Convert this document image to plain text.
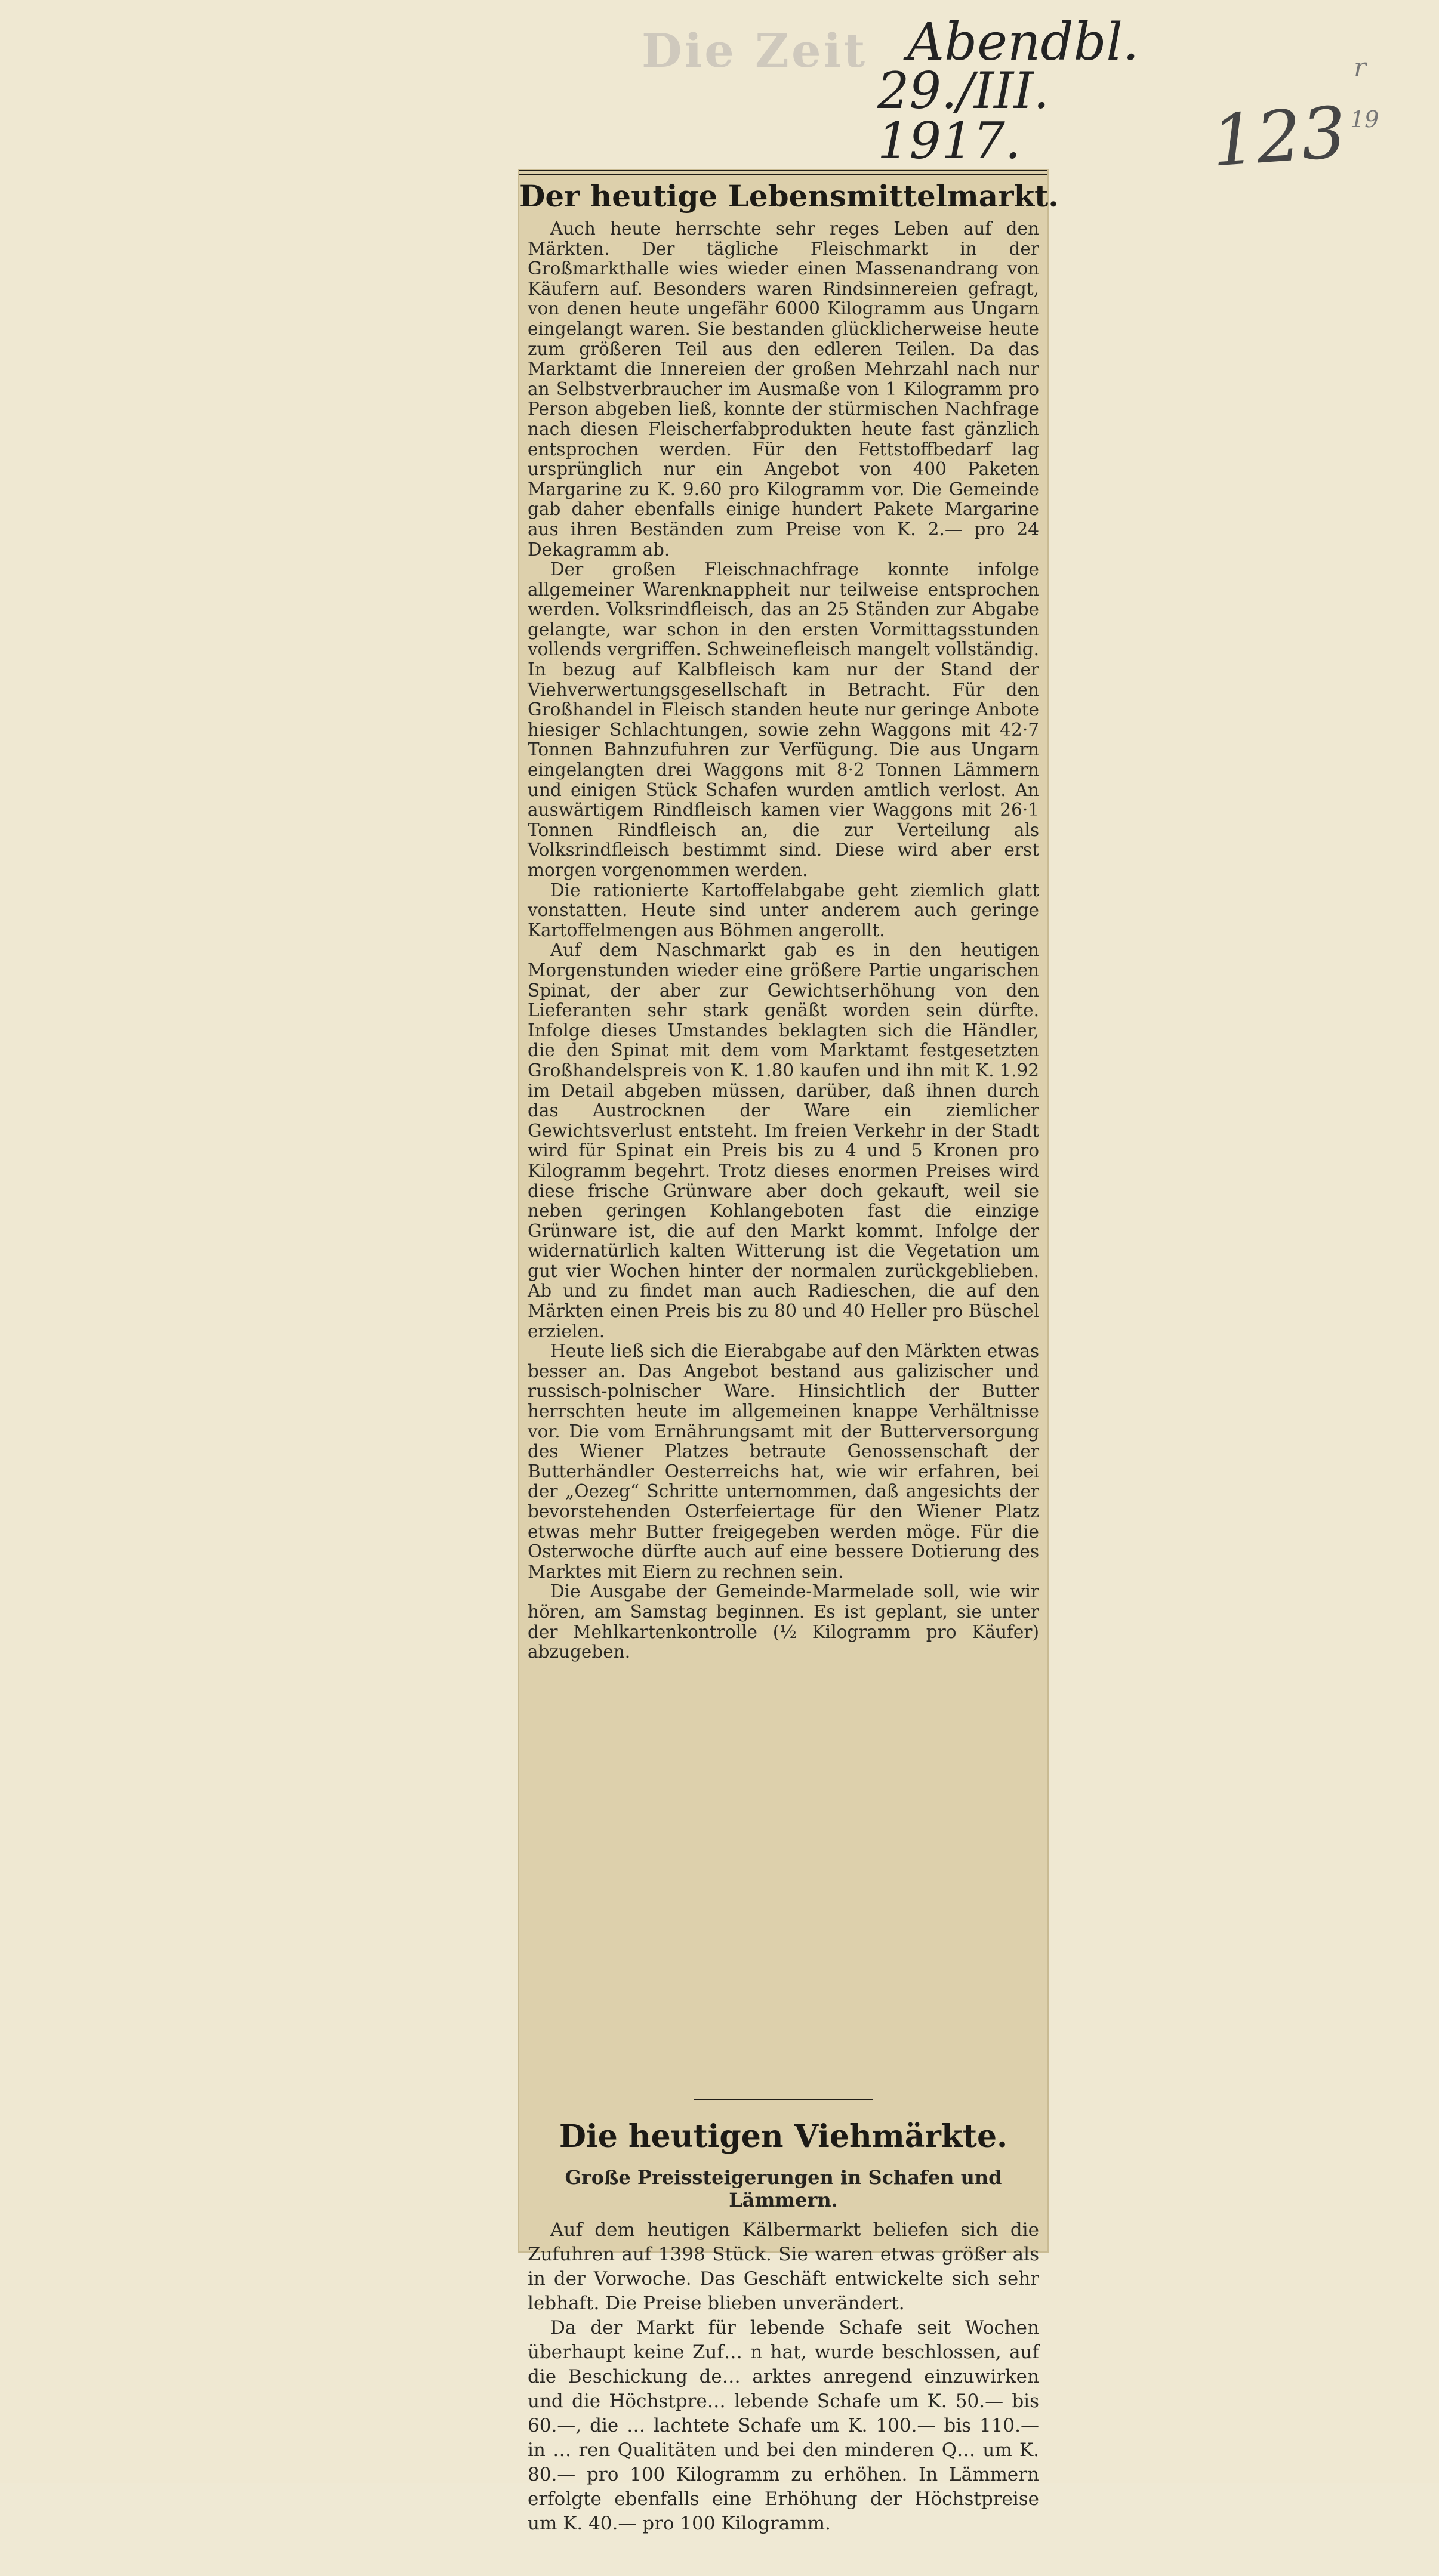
Die Zeit Abendbl.
29./III. 1917.	123
r
19
Der heutige Lebensmittelmarkt.

Auch heute herrschte sehr reges Leben auf den Märkten. Der tägliche Fleischmarkt in der Großmarkthalle wies wieder einen Massenandrang von Käufern auf. Besonders waren Rindsinnereien gefragt, von denen heute ungefähr 6000 Kilogramm aus Ungarn eingelangt waren. Sie bestanden glücklicherweise heute zum größeren Teil aus den edleren Teilen. Da das Marktamt die Innereien der großen Mehrzahl nach nur an Selbstverbraucher im Ausmaße von 1 Kilogramm pro Person abgeben ließ, konnte der stürmischen Nachfrage nach diesen Fleischerfabprodukten heute fast gänzlich entsprochen werden. Für den Fettstoffbedarf lag ursprünglich nur ein Angebot von 400 Paketen Margarine zu K. 9.60 pro Kilogramm vor. Die Gemeinde gab daher ebenfalls einige hundert Pakete Margarine aus ihren Beständen zum Preise von K. 2.— pro 24 Dekagramm ab.

Der großen Fleischnachfrage konnte infolge allgemeiner Warenknappheit nur teilweise entsprochen werden. Volksrindfleisch, das an 25 Ständen zur Abgabe gelangte, war schon in den ersten Vormittagsstunden vollends vergriffen. Schweinefleisch mangelt vollständig. In bezug auf Kalbfleisch kam nur der Stand der Viehverwertungsgesellschaft in Betracht. Für den Großhandel in Fleisch standen heute nur geringe Anbote hiesiger Schlachtungen, sowie zehn Waggons mit 42·7 Tonnen Bahnzufuhren zur Verfügung. Die aus Ungarn eingelangten drei Waggons mit 8·2 Tonnen Lämmern und einigen Stück Schafen wurden amtlich verlost. An auswärtigem Rindfleisch kamen vier Waggons mit 26·1 Tonnen Rindfleisch an, die zur Verteilung als Volksrindfleisch bestimmt sind. Diese wird aber erst morgen vorgenommen werden.

Die rationierte Kartoffelabgabe geht ziemlich glatt vonstatten. Heute sind unter anderem auch geringe Kartoffelmengen aus Böhmen angerollt.

Auf dem Naschmarkt gab es in den heutigen Morgenstunden wieder eine größere Partie ungarischen Spinat, der aber zur Gewichtserhöhung von den Lieferanten sehr stark genäßt worden sein dürfte. Infolge dieses Umstandes beklagten sich die Händler, die den Spinat mit dem vom Marktamt festgesetzten Großhandelspreis von K. 1.80 kaufen und ihn mit K. 1.92 im Detail abgeben müssen, darüber, daß ihnen durch das Austrocknen der Ware ein ziemlicher Gewichtsverlust entsteht. Im freien Verkehr in der Stadt wird für Spinat ein Preis bis zu 4 und 5 Kronen pro Kilogramm begehrt. Trotz dieses enormen Preises wird diese frische Grünware aber doch gekauft, weil sie neben geringen Kohlangeboten fast die einzige Grünware ist, die auf den Markt kommt. Infolge der widernatürlich kalten Witterung ist die Vegetation um gut vier Wochen hinter der normalen zurückgeblieben. Ab und zu findet man auch Radieschen, die auf den Märkten einen Preis bis zu 80 und 40 Heller pro Büschel erzielen.

Heute ließ sich die Eierabgabe auf den Märkten etwas besser an. Das Angebot bestand aus galizischer und russisch-polnischer Ware. Hinsichtlich der Butter herrschten heute im allgemeinen knappe Verhältnisse vor. Die vom Ernährungsamt mit der Butterversorgung des Wiener Platzes betraute Genossenschaft der Butterhändler Oesterreichs hat, wie wir erfahren, bei der „Oezeg“ Schritte unternommen, daß angesichts der bevorstehenden Osterfeiertage für den Wiener Platz etwas mehr Butter freigegeben werden möge. Für die Osterwoche dürfte auch auf eine bessere Dotierung des Marktes mit Eiern zu rechnen sein.

Die Ausgabe der Gemeinde-Marmelade soll, wie wir hören, am Samstag beginnen. Es ist geplant, sie unter der Mehlkartenkontrolle (½ Kilogramm pro Käufer) abzugeben.

Die heutigen Viehmärkte.
Große Preissteigerungen in Schafen und Lämmern.

Auf dem heutigen Kälbermarkt beliefen sich die Zufuhren auf 1398 Stück. Sie waren etwas größer als in der Vorwoche. Das Geschäft entwickelte sich sehr lebhaft. Die Preise blieben unverändert.

Da der Markt für lebende Schafe seit Wochen überhaupt keine Zuf… n hat, wurde beschlossen, auf die Beschickung de… arktes anregend einzuwirken und die Höchstpre… lebende Schafe um K. 50.— bis 60.—, die … lachtete Schafe um K. 100.— bis 110.— in … ren Qualitäten und bei den minderen Q… um K. 80.— pro 100 Kilogramm zu erhöhen. In Lämmern erfolgte ebenfalls eine Erhöhung der Höchstpreise um K. 40.— pro 100 Kilogramm.
